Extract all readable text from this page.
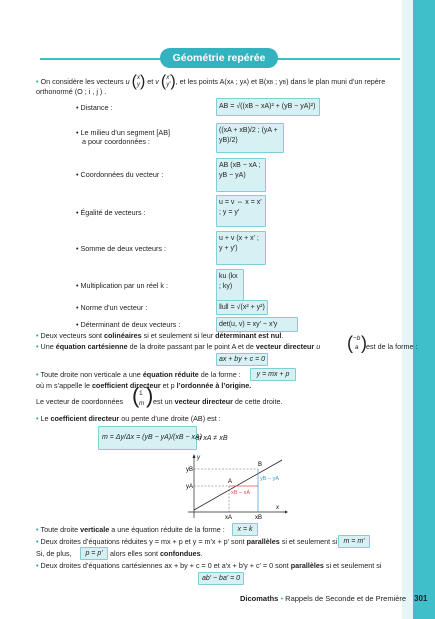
Géométrie repérée
• On considère les vecteurs u (x
y) et v (x′
y′), et les points A(xA ; yA) et B(xB ; yB) dans le plan muni d’un repère
orthonormé (O ; i , j ) .
• Distance :	AB = √((xB − xA)² + (yB − yA)²)
• Le milieu d’un segment [AB]
a pour coordonnées :
((xA + xB)/2 ; (yA + yB)/2)
• Coordonnées du vecteur :
AB (xB − xA ; yB − yA)
• Égalité de vecteurs :
u = v ⇔ x = x′ ; y = y′
• Somme de deux vecteurs :
u + v (x + x′ ; y + y′)
• Multiplication par un réel k :
ku (kx ; ky)
• Norme d’un vecteur :	‖u‖ = √(x² + y²)
• Déterminant de deux vecteurs :	det(u, v) = xy′ − x′y
• Deux vecteurs sont colinéaires si et seulement si leur déterminant est nul.
• Une équation cartésienne de la droite passant par le point A et de vecteur directeur u	est de la forme :
( −b
a )
ax + by + c = 0
• Toute droite non verticale a une équation réduite de la forme :	y = mx + p
où m s’appelle le coefficient directeur et p l’ordonnée à l’origine.
Le vecteur de coordonnées ( 1
m ) est un vecteur directeur de cette droite.
• Le coefficient directeur ou pente d’une droite (AB) est :
m = Δy/Δx = (yB − yA)/(xB − xA)
si xA ≠ xB
yB
yA
xA	xB
A
B
x
y
yB − yA
xB − xA
• Toute droite verticale a une équation réduite de la forme :	x = k
• Deux droites d’équations réduites y = mx + p et y = m′x + p′ sont parallèles si et seulement si m = m′
Si, de plus,	p = p′	alors elles sont confondues.
• Deux droites d’équations cartésiennes ax + by + c = 0 et a′x + b′y + c′ = 0 sont parallèles si et seulement si
ab′ − ba′ = 0
Dicomaths • Rappels de Seconde et de Première 301
